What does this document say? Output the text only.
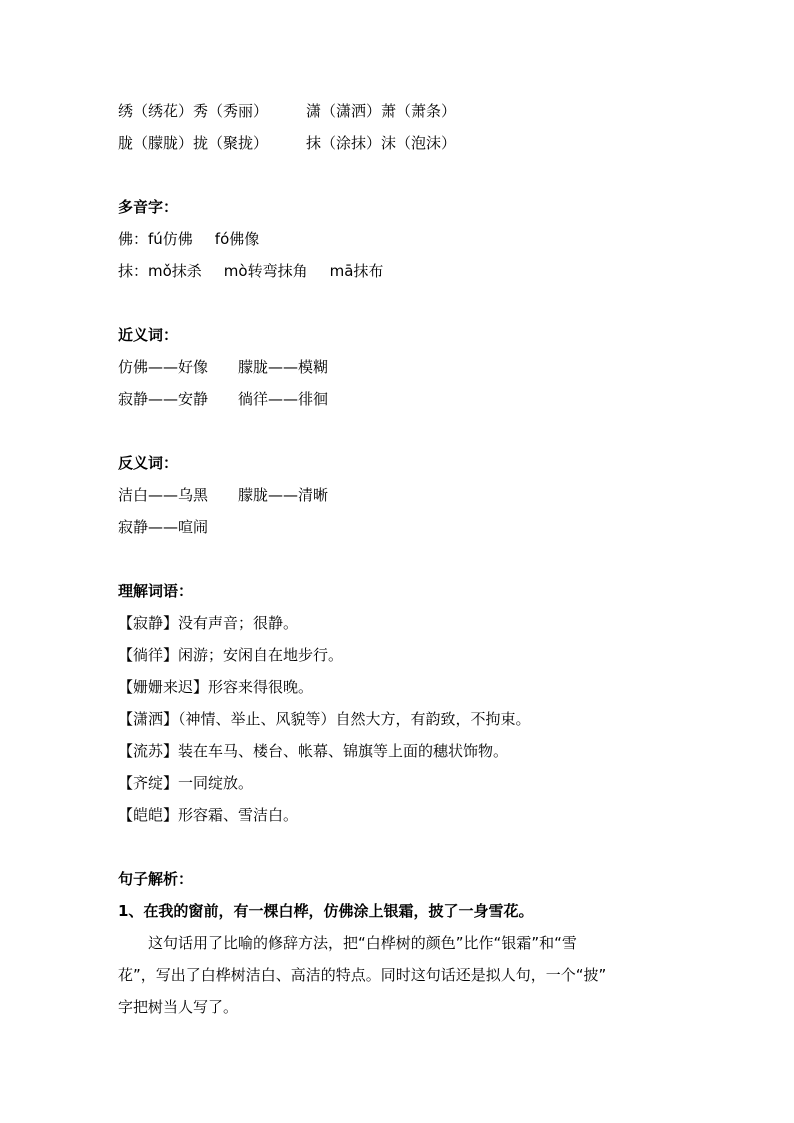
绣（绣花）秀（秀丽）	潇（潇洒）萧（萧条）
胧（朦胧）拢（聚拢）	抹（涂抹）沫（泡沫）
多音字：
佛：fú仿佛 fó佛像
抹：mǒ抹杀 mò转弯抹角 mā抹布
近义词：
仿佛——好像 朦胧——模糊
寂静——安静 徜徉——徘徊
反义词：
洁白——乌黑 朦胧——清晰
寂静——喧闹
理解词语：
【寂静】没有声音；很静。
【徜徉】闲游；安闲自在地步行。
【姗姗来迟】形容来得很晚。
【潇洒】（神情、举止、风貌等）自然大方，有韵致，不拘束。
【流苏】装在车马、楼台、帐幕、锦旗等上面的穗状饰物。
【齐绽】一同绽放。
【皑皑】形容霜、雪洁白。
句子解析：
1、在我的窗前，有一棵白桦，仿佛涂上银霜，披了一身雪花。
　　这句话用了比喻的修辞方法，把“白桦树的颜色”比作“银霜”和“雪
花”，写出了白桦树洁白、高洁的特点。同时这句话还是拟人句，一个“披”
字把树当人写了。
